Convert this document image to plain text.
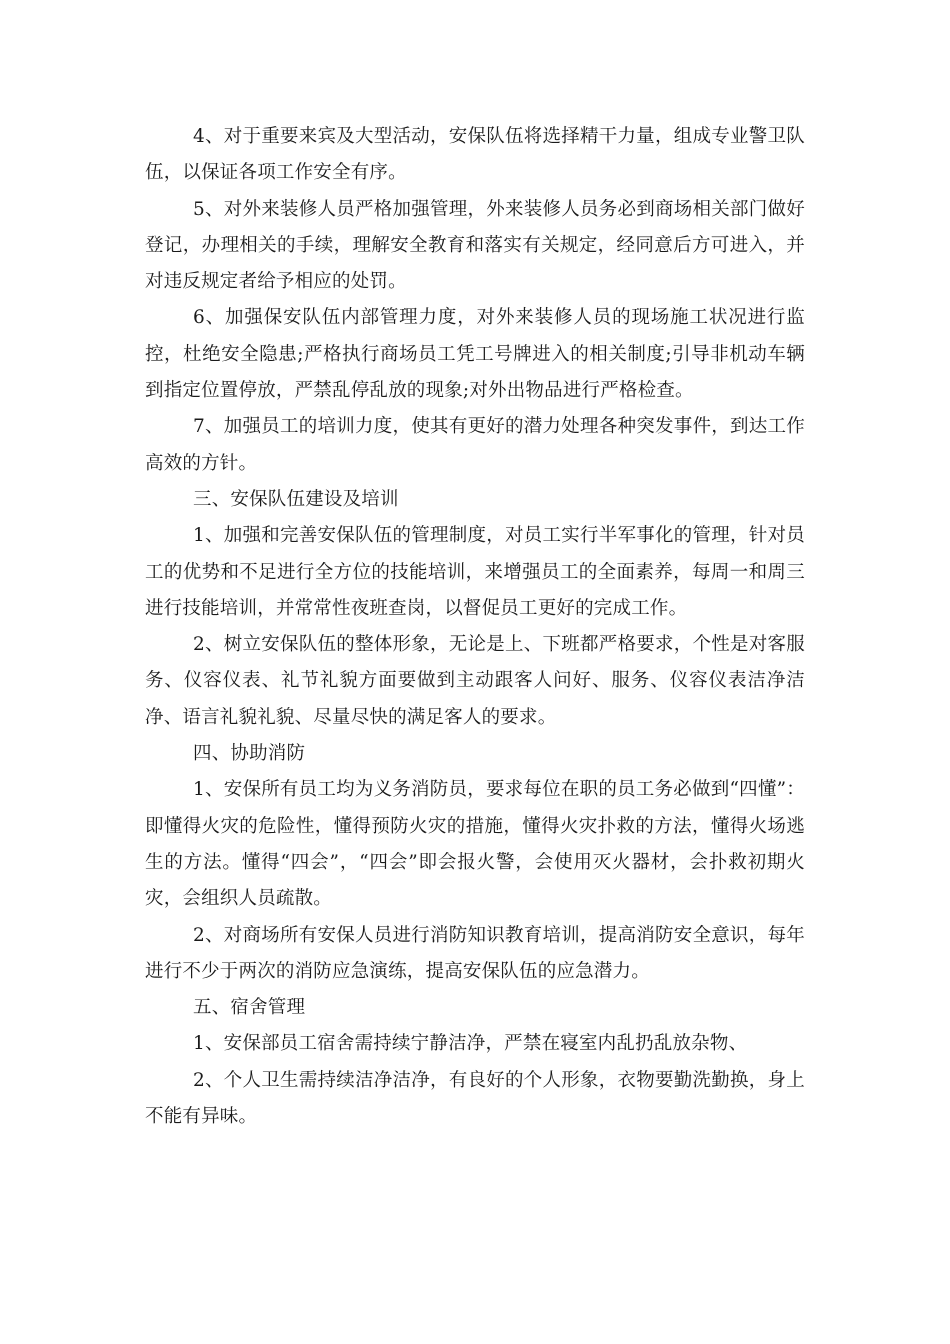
4、对于重要来宾及大型活动，安保队伍将选择精干力量，组成专业警卫队伍，以保证各项工作安全有序。

5、对外来装修人员严格加强管理，外来装修人员务必到商场相关部门做好登记，办理相关的手续，理解安全教育和落实有关规定，经同意后方可进入，并对违反规定者给予相应的处罚。

6、加强保安队伍内部管理力度，对外来装修人员的现场施工状况进行监控，杜绝安全隐患;严格执行商场员工凭工号牌进入的相关制度;引导非机动车辆到指定位置停放，严禁乱停乱放的现象;对外出物品进行严格检查。

7、加强员工的培训力度，使其有更好的潜力处理各种突发事件，到达工作高效的方针。

三、安保队伍建设及培训

1、加强和完善安保队伍的管理制度，对员工实行半军事化的管理，针对员工的优势和不足进行全方位的技能培训，来增强员工的全面素养，每周一和周三进行技能培训，并常常性夜班查岗，以督促员工更好的完成工作。

2、树立安保队伍的整体形象，无论是上、下班都严格要求，个性是对客服务、仪容仪表、礼节礼貌方面要做到主动跟客人问好、服务、仪容仪表洁净洁净、语言礼貌礼貌、尽量尽快的满足客人的要求。

四、协助消防

1、安保所有员工均为义务消防员，要求每位在职的员工务必做到“四懂”：即懂得火灾的危险性，懂得预防火灾的措施，懂得火灾扑救的方法，懂得火场逃生的方法。懂得“四会”，“四会”即会报火警，会使用灭火器材，会扑救初期火灾，会组织人员疏散。

2、对商场所有安保人员进行消防知识教育培训，提高消防安全意识，每年进行不少于两次的消防应急演练，提高安保队伍的应急潜力。

五、宿舍管理

1、安保部员工宿舍需持续宁静洁净，严禁在寝室内乱扔乱放杂物、

2、个人卫生需持续洁净洁净，有良好的个人形象，衣物要勤洗勤换，身上不能有异味。
